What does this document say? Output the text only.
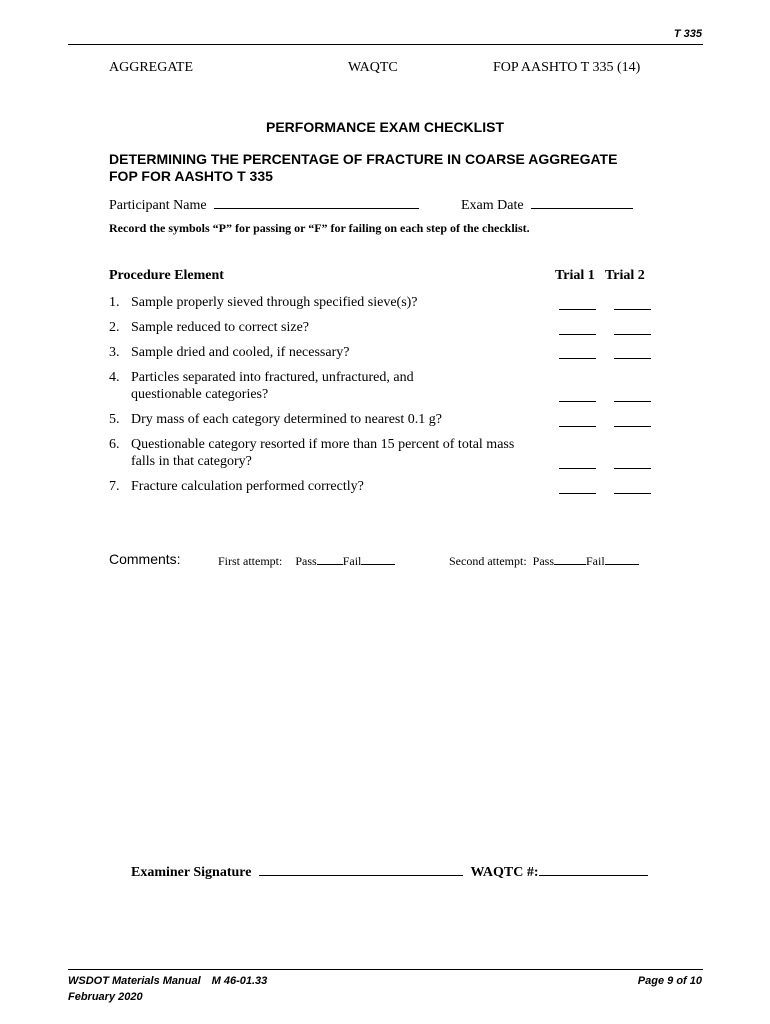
T 335
AGGREGATE	WAQTC	FOP AASHTO T 335 (14)
PERFORMANCE EXAM CHECKLIST
DETERMINING THE PERCENTAGE OF FRACTURE IN COARSE AGGREGATE
FOP FOR AASHTO T 335
Participant Name	Exam Date
Record the symbols “P” for passing or “F” for failing on each step of the checklist.
Procedure Element	Trial 1 Trial 2
1. Sample properly sieved through specified sieve(s)?
2. Sample reduced to correct size?
3. Sample dried and cooled, if necessary?
4. Particles separated into fractured, unfractured, and questionable categories?
5. Dry mass of each category determined to nearest 0.1 g?
6. Questionable category resorted if more than 15 percent of total mass falls in that category?
7. Fracture calculation performed correctly?
Comments:	First attempt: Pass Fail	Second attempt: Pass	Fail
Examiner Signature	WAQTC #:
WSDOT Materials Manual M 46-01.33
February 2020
Page 9 of 10
